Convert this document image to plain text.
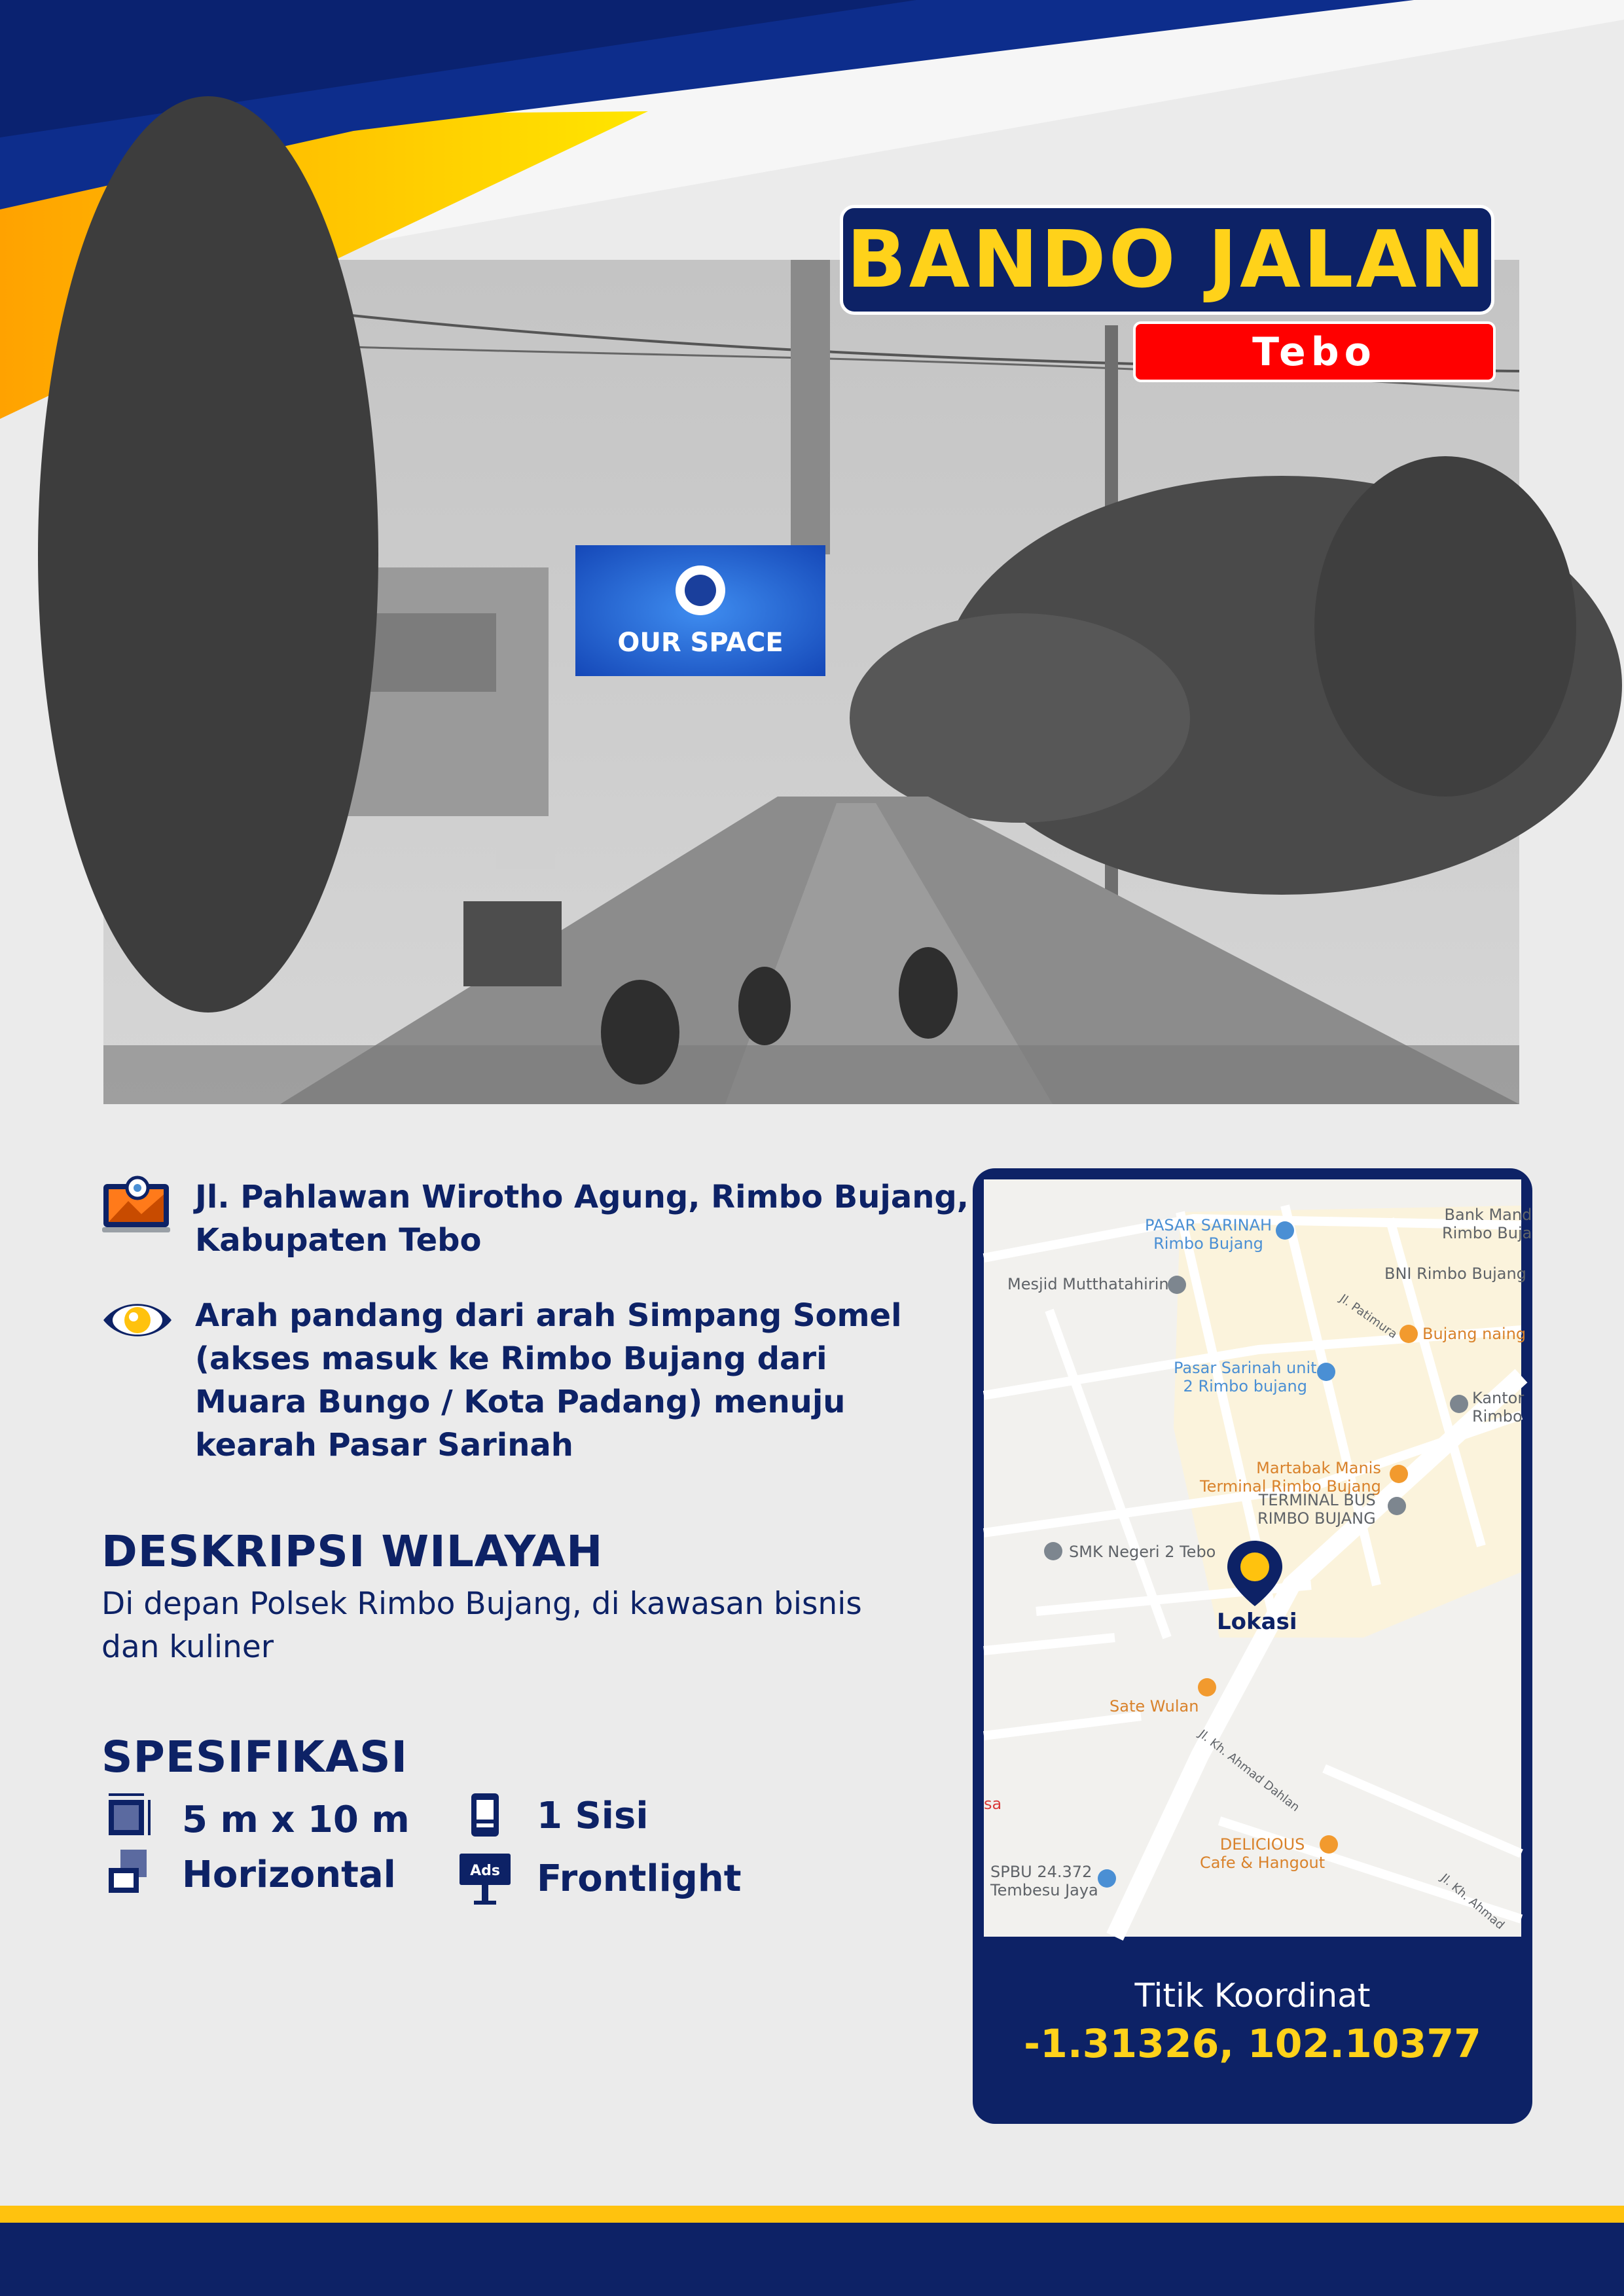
OUR SPACE
BANDO JALAN
Tebo
Jl. Pahlawan Wirotho Agung, Rimbo Bujang,
Kabupaten Tebo
Arah pandang dari arah Simpang Somel
(akses masuk ke Rimbo Bujang dari
Muara Bungo / Kota Padang) menuju
kearah Pasar Sarinah
DESKRIPSI WILAYAH
Di depan Polsek Rimbo Bujang, di kawasan bisnis
dan kuliner
SPESIFIKASI
5 m x 10 m	1 Sisi
Horizontal	Ads Frontlight
PASAR SARINAH
Rimbo Bujang
Bank Mand
Rimbo Buja
Mesjid Mutthatahirin
BNI Rimbo Bujang
Jl. Patimura Bujang naing
Pasar Sarinah unit
2 Rimbo bujang
Kantor
Rimbo
Martabak Manis
Terminal Rimbo Bujang
TERMINAL BUS
RIMBO BUJANG
SMK Negeri 2 Tebo
Lokasi
Sate Wulan
Jl. Kh. Ahmad Dahlan
sa
DELICIOUS
Cafe & Hangout
SPBU 24.372
Tembesu Jaya	Jl. Kh. Ahmad
Titik Koordinat
-1.31326, 102.10377
